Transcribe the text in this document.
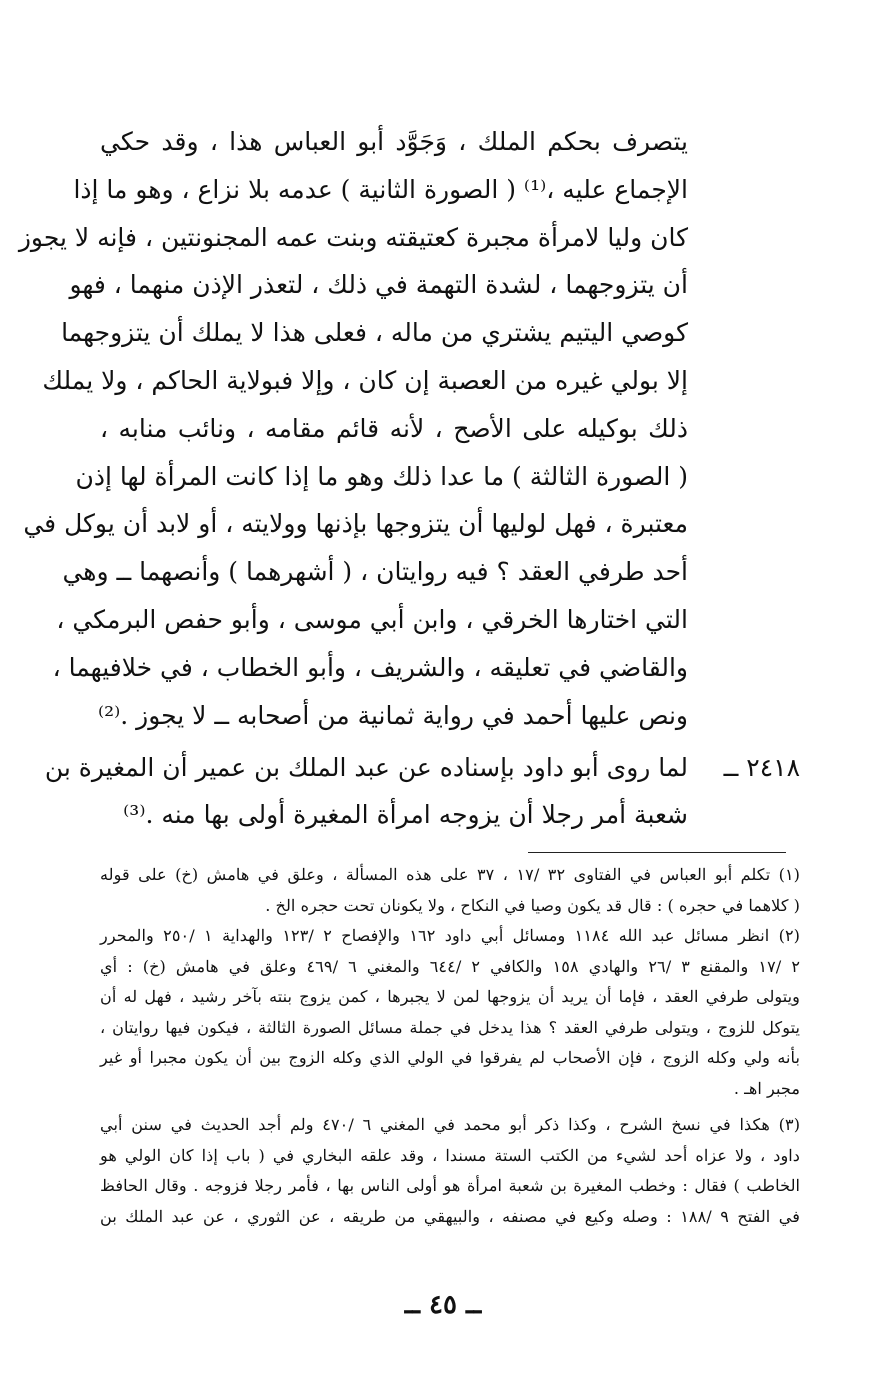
يتصرف بحكم الملك ، وَجَوَّد أبو العباس هذا ، وقد حكي
الإجماع عليه ،⁽¹⁾ ( الصورة الثانية ) عدمه بلا نزاع ، وهو ما إذا
كان وليا لامرأة مجبرة كعتيقته وبنت عمه المجنونتين ، فإنه لا يجوز
أن يتزوجهما ، لشدة التهمة في ذلك ، لتعذر الإذن منهما ، فهو
كوصي اليتيم يشتري من ماله ، فعلى هذا لا يملك أن يتزوجهما
إلا بولي غيره من العصبة إن كان ، وإلا فبولاية الحاكم ، ولا يملك
ذلك بوكيله على الأصح ، لأنه قائم مقامه ، ونائب منابه ،
( الصورة الثالثة ) ما عدا ذلك وهو ما إذا كانت المرأة لها إذن
معتبرة ، فهل لوليها أن يتزوجها بإذنها وولايته ، أو لابد أن يوكل في
أحد طرفي العقد ؟ فيه روايتان ، ( أشهرهما ) وأنصهما ــ وهي
التي اختارها الخرقي ، وابن أبي موسى ، وأبو حفص البرمكي ،
والقاضي في تعليقه ، والشريف ، وأبو الخطاب ، في خلافيهما ،
ونص عليها أحمد في رواية ثمانية من أصحابه ــ لا يجوز .⁽²⁾
٢٤١٨ ــ
لما روى أبو داود بإسناده عن عبد الملك بن عمير أن المغيرة بن
شعبة أمر رجلا أن يزوجه امرأة المغيرة أولى بها منه .⁽³⁾
(١) تكلم أبو العباس في الفتاوى ٣٢ /١٧ ، ٣٧ على هذه المسألة ، وعلق في هامش (خ) على قوله
( كلاهما في حجره ) : قال قد يكون وصيا في النكاح ، ولا يكونان تحت حجره الخ .
(٢) انظر مسائل عبد الله ١١٨٤ ومسائل أبي داود ١٦٢ والإفصاح ٢ /١٢٣ والهداية ١ /٢٥٠ والمحرر
٢ /١٧ والمقنع ٣ /٢٦ والهادي ١٥٨ والكافي ٢ /٦٤٤ والمغني ٦ /٤٦٩ وعلق في هامش (خ) : أي
ويتولى طرفي العقد ، فإما أن يريد أن يزوجها لمن لا يجبرها ، كمن يزوج بنته بآخر رشيد ، فهل له أن
يتوكل للزوج ، ويتولى طرفي العقد ؟ هذا يدخل في جملة مسائل الصورة الثالثة ، فيكون فيها روايتان ،
بأنه ولي وكله الزوج ، فإن الأصحاب لم يفرقوا في الولي الذي وكله الزوج بين أن يكون مجبرا أو غير
مجبر اهـ .
(٣) هكذا في نسخ الشرح ، وكذا ذكر أبو محمد في المغني ٦ /٤٧٠ ولم أجد الحديث في سنن أبي
داود ، ولا عزاه أحد لشيء من الكتب الستة مسندا ، وقد علقه البخاري في ( باب إذا كان الولي هو
الخاطب ) فقال : وخطب المغيرة بن شعبة امرأة هو أولى الناس بها ، فأمر رجلا فزوجه . وقال الحافظ
في الفتح ٩ /١٨٨ : وصله وكيع في مصنفه ، والبيهقي من طريقه ، عن الثوري ، عن عبد الملك بن
ــ ٤٥ ــ
